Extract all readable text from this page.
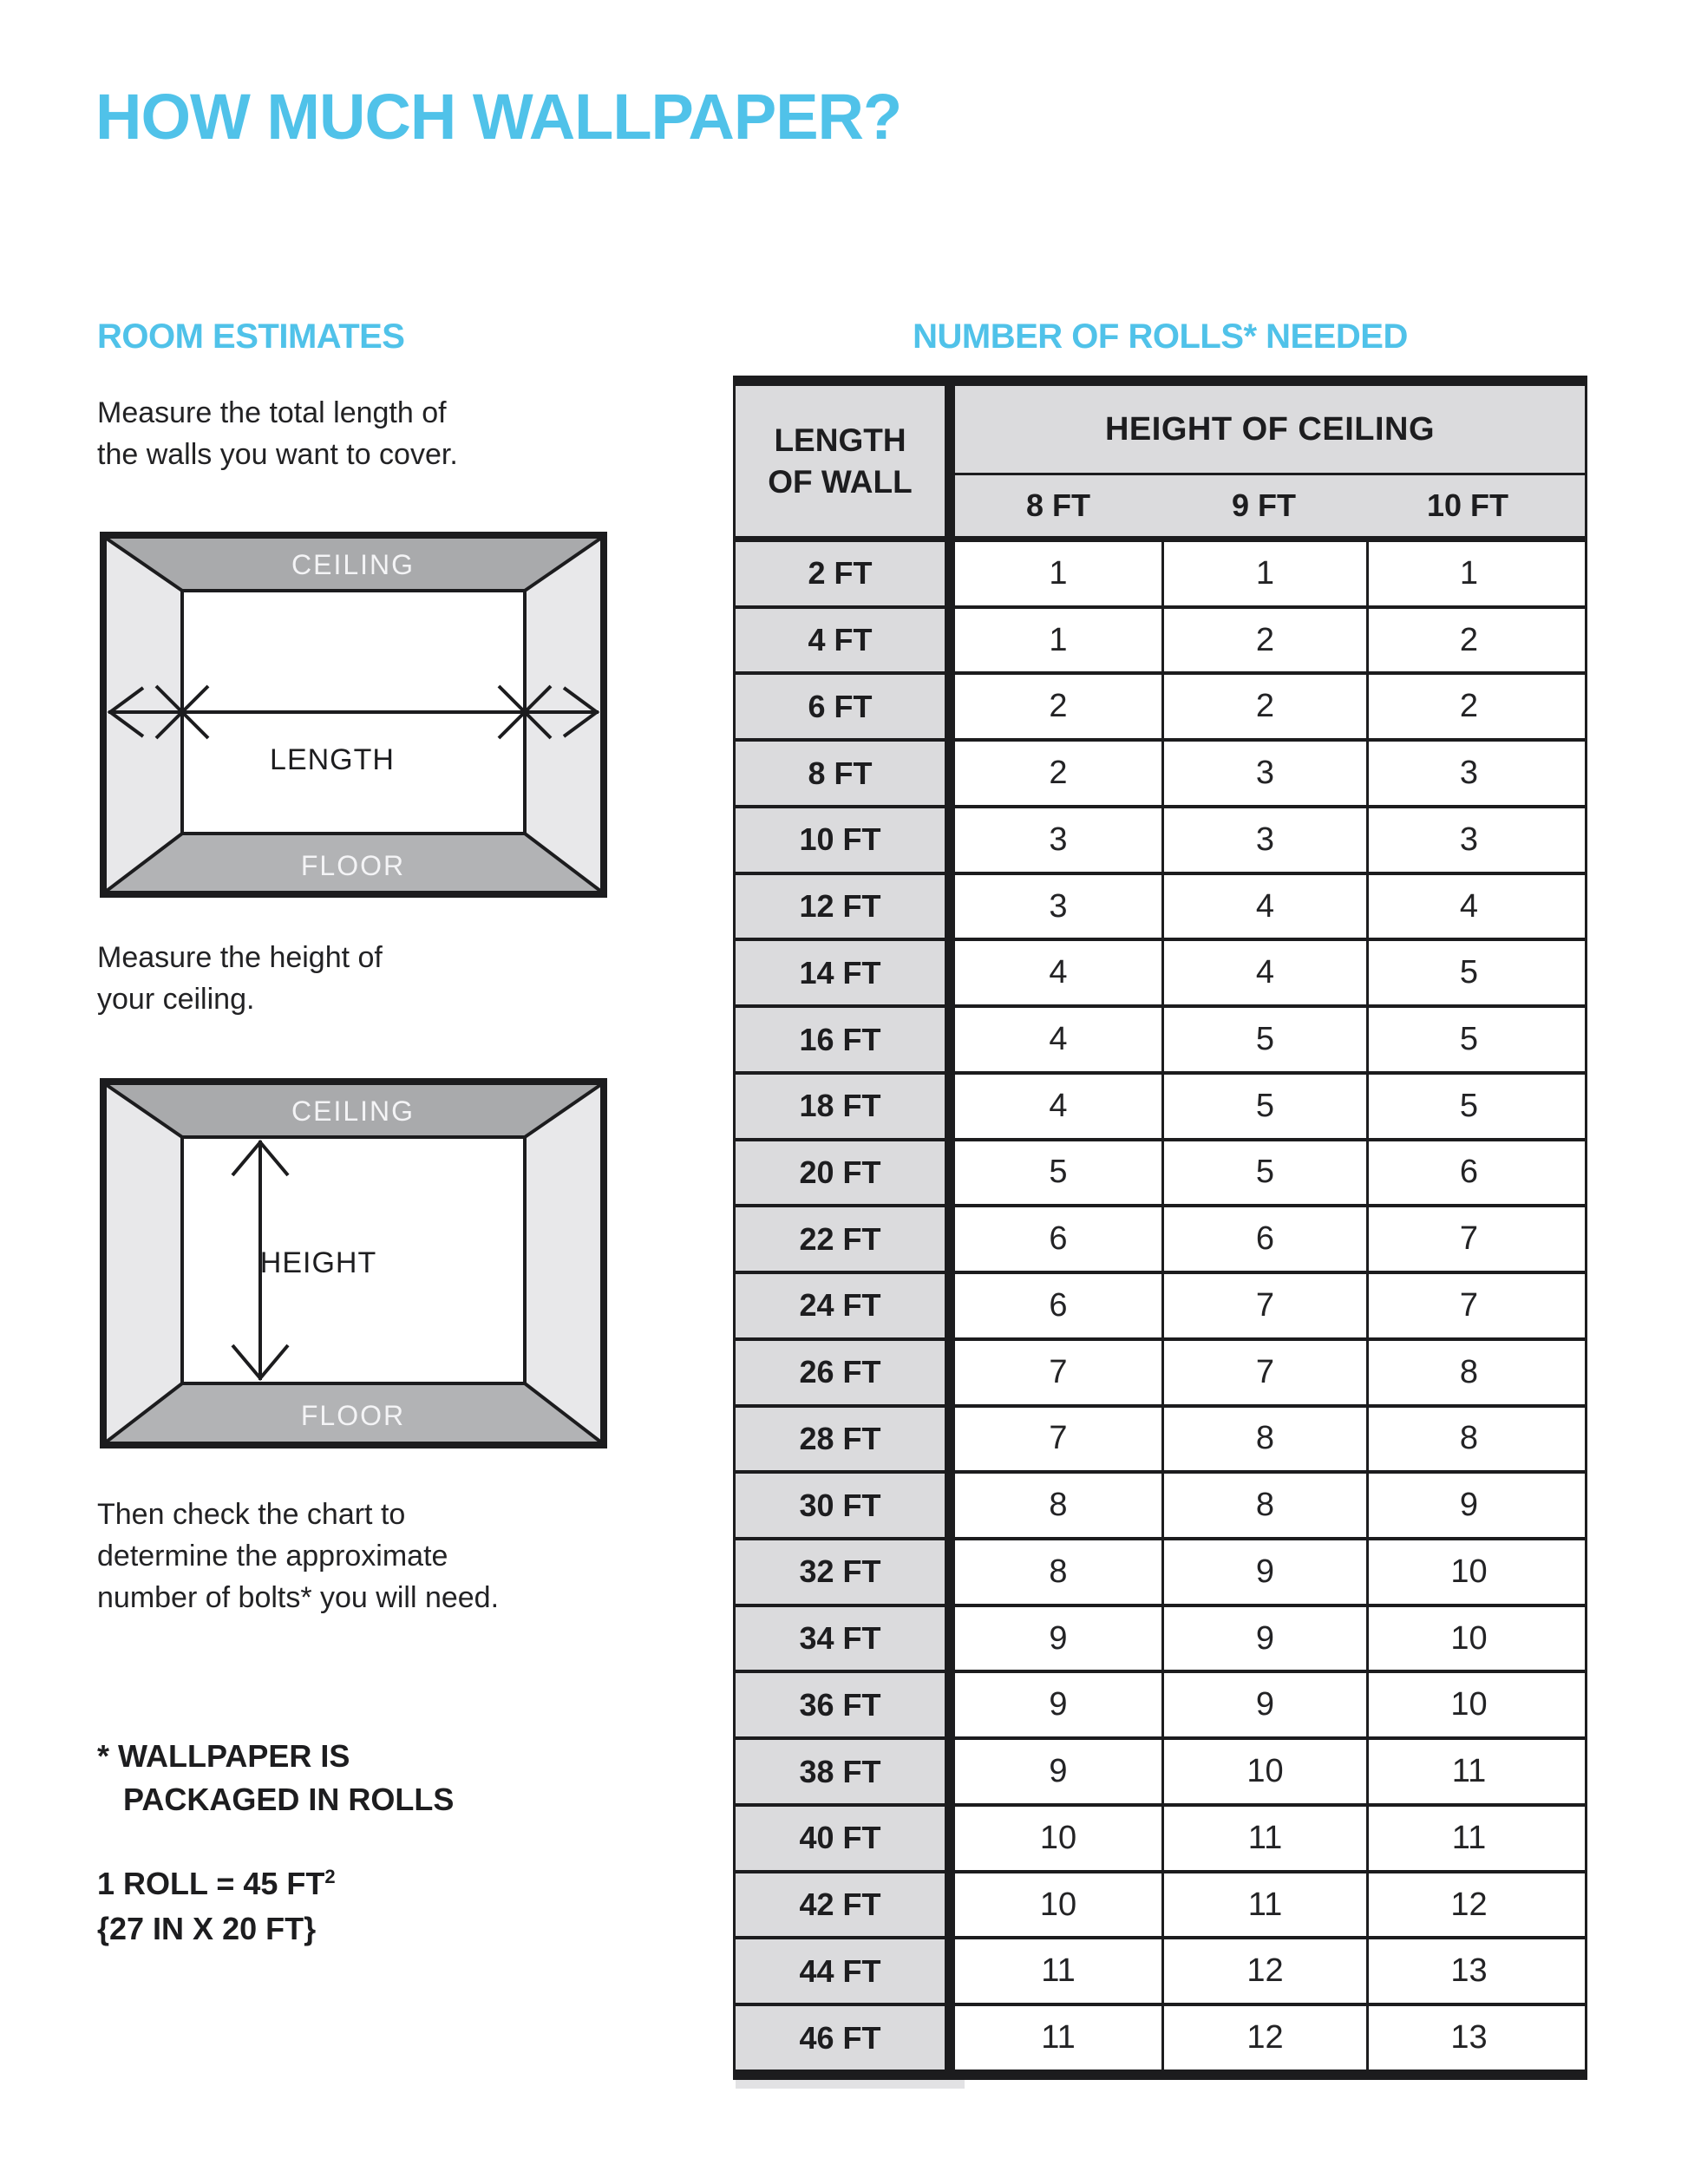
HOW MUCH WALLPAPER?
ROOM ESTIMATES	NUMBER OF ROLLS* NEEDED
Measure the total length of
the walls you want to cover.
CEILING
FLOOR
LENGTH
Measure the height of
your ceiling.
CEILING
FLOOR
HEIGHT
Then check the chart to
determine the approximate
number of bolts* you will need.
* WALLPAPER IS
PACKAGED IN ROLLS
1 ROLL = 45 $FT^2$
{27 IN X 20 FT}
LENGTH
OF WALL
HEIGHT OF CEILING
8 FT	9 FT	10 FT
2 FT	1	1	1
4 FT	1	2	2
6 FT	2	2	2
8 FT	2	3	3
10 FT	3	3	3
12 FT	3	4	4
14 FT	4	4	5
16 FT	4	5	5
18 FT	4	5	5
20 FT	5	5	6
22 FT	6	6	7
24 FT	6	7	7
26 FT	7	7	8
28 FT	7	8	8
30 FT	8	8	9
32 FT	8	9	10
34 FT	9	9	10
36 FT	9	9	10
38 FT	9	10	11
40 FT	10	11	11
42 FT	10	11	12
44 FT	11	12	13
46 FT	11	12	13
